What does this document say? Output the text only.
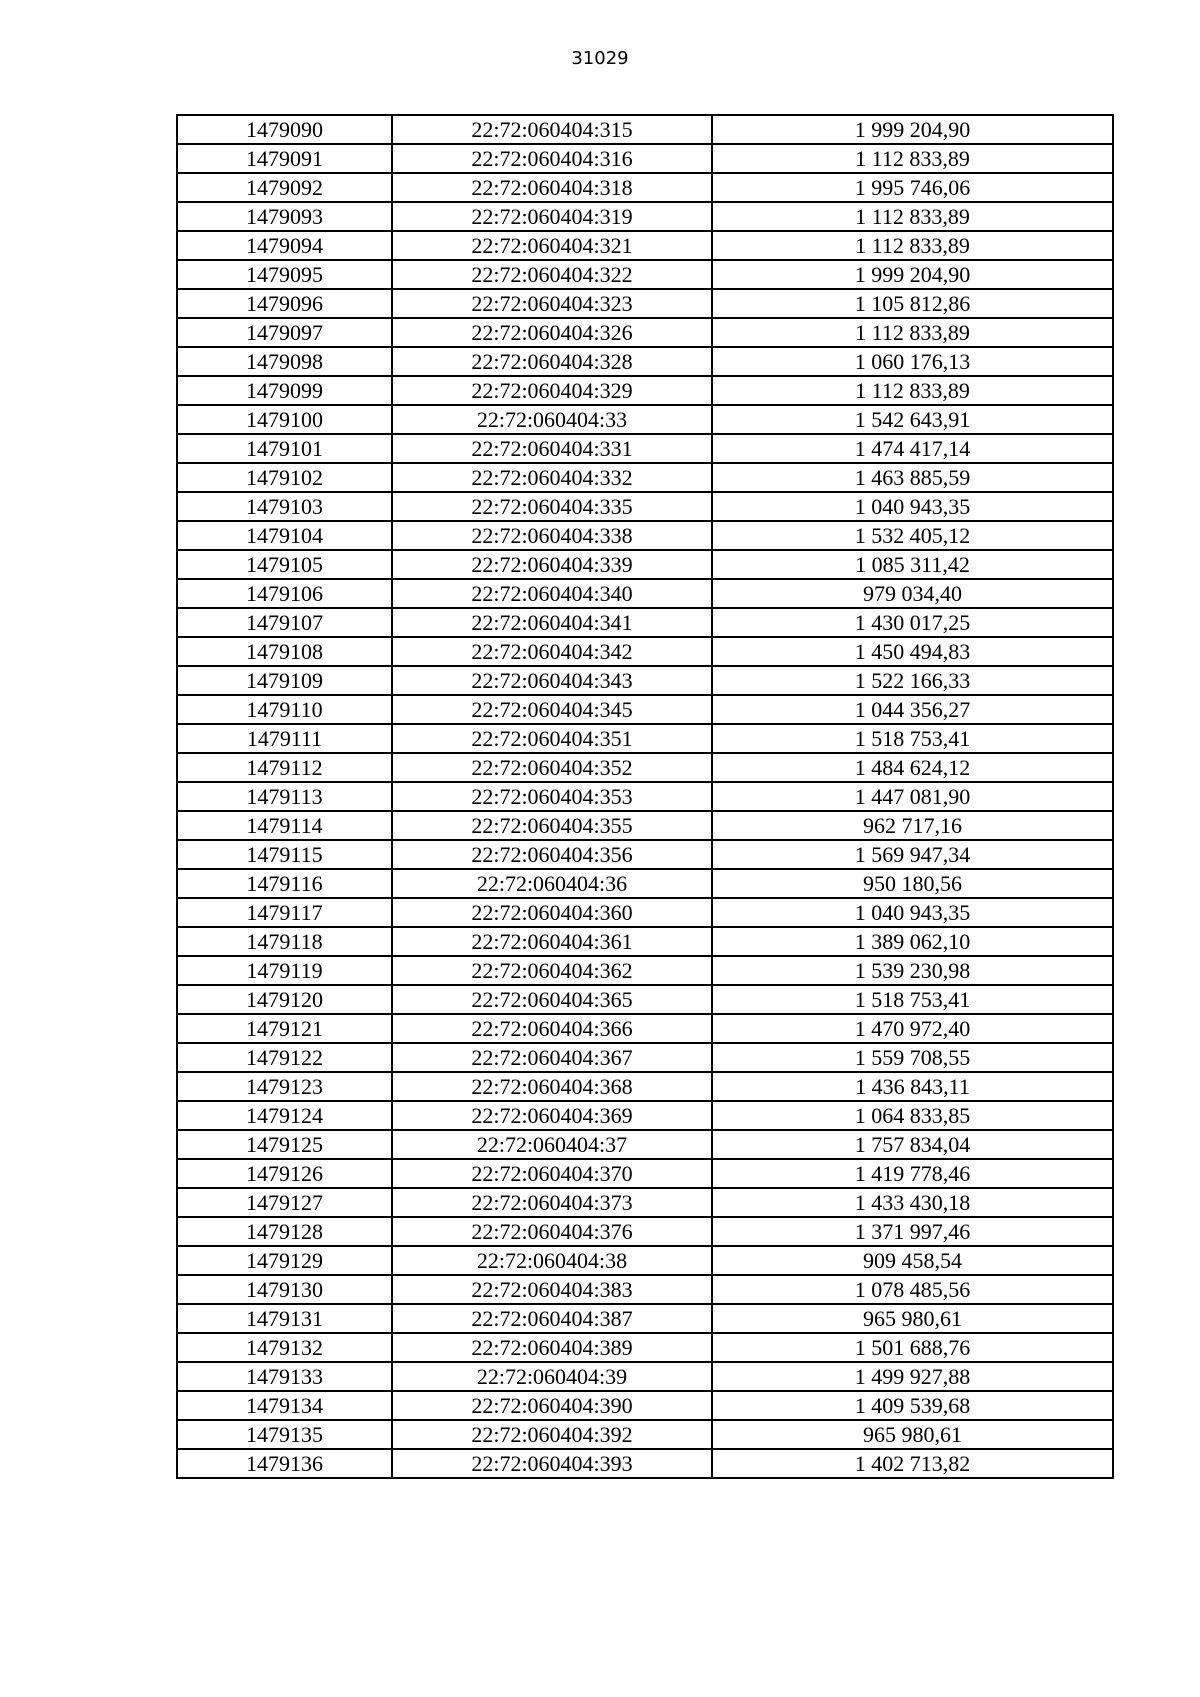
31029
1479090	22:72:060404:315	1 999 204,90
1479091	22:72:060404:316	1 112 833,89
1479092	22:72:060404:318	1 995 746,06
1479093	22:72:060404:319	1 112 833,89
1479094	22:72:060404:321	1 112 833,89
1479095	22:72:060404:322	1 999 204,90
1479096	22:72:060404:323	1 105 812,86
1479097	22:72:060404:326	1 112 833,89
1479098	22:72:060404:328	1 060 176,13
1479099	22:72:060404:329	1 112 833,89
1479100	22:72:060404:33	1 542 643,91
1479101	22:72:060404:331	1 474 417,14
1479102	22:72:060404:332	1 463 885,59
1479103	22:72:060404:335	1 040 943,35
1479104	22:72:060404:338	1 532 405,12
1479105	22:72:060404:339	1 085 311,42
1479106	22:72:060404:340	979 034,40
1479107	22:72:060404:341	1 430 017,25
1479108	22:72:060404:342	1 450 494,83
1479109	22:72:060404:343	1 522 166,33
1479110	22:72:060404:345	1 044 356,27
1479111	22:72:060404:351	1 518 753,41
1479112	22:72:060404:352	1 484 624,12
1479113	22:72:060404:353	1 447 081,90
1479114	22:72:060404:355	962 717,16
1479115	22:72:060404:356	1 569 947,34
1479116	22:72:060404:36	950 180,56
1479117	22:72:060404:360	1 040 943,35
1479118	22:72:060404:361	1 389 062,10
1479119	22:72:060404:362	1 539 230,98
1479120	22:72:060404:365	1 518 753,41
1479121	22:72:060404:366	1 470 972,40
1479122	22:72:060404:367	1 559 708,55
1479123	22:72:060404:368	1 436 843,11
1479124	22:72:060404:369	1 064 833,85
1479125	22:72:060404:37	1 757 834,04
1479126	22:72:060404:370	1 419 778,46
1479127	22:72:060404:373	1 433 430,18
1479128	22:72:060404:376	1 371 997,46
1479129	22:72:060404:38	909 458,54
1479130	22:72:060404:383	1 078 485,56
1479131	22:72:060404:387	965 980,61
1479132	22:72:060404:389	1 501 688,76
1479133	22:72:060404:39	1 499 927,88
1479134	22:72:060404:390	1 409 539,68
1479135	22:72:060404:392	965 980,61
1479136	22:72:060404:393	1 402 713,82
